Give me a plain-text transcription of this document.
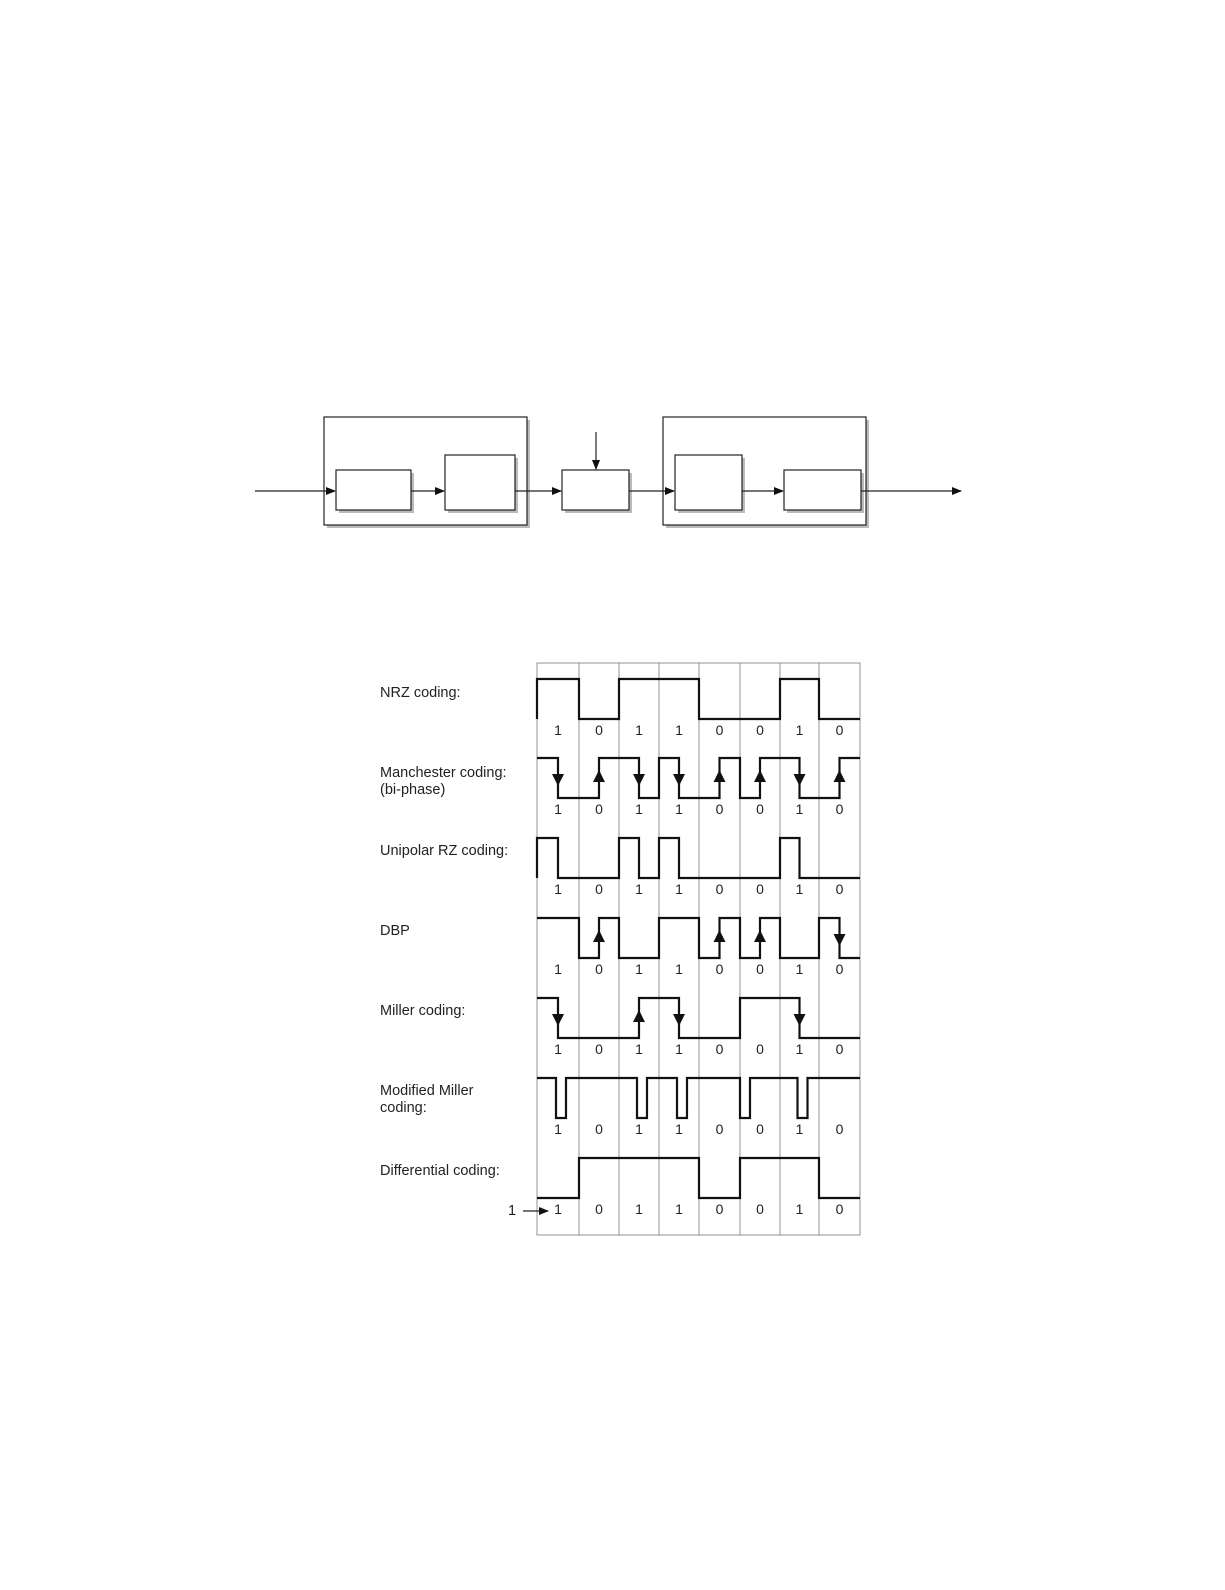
NRZ coding:
Manchester coding:
(bi-phase)
Unipolar RZ coding:
DBP
Miller coding:
Modified Miller
coding:
Differential coding:
1 0 1 1 0 0 1 0
1 0 1 1 0 0 1 0
1 0 1 1 0 0 1 0
1 0 1 1 0 0 1 0
1 0 1 1 0 0 1 0
1 0 1 1 0 0 1 0
1 0 1 1 0 0 1 0
1
